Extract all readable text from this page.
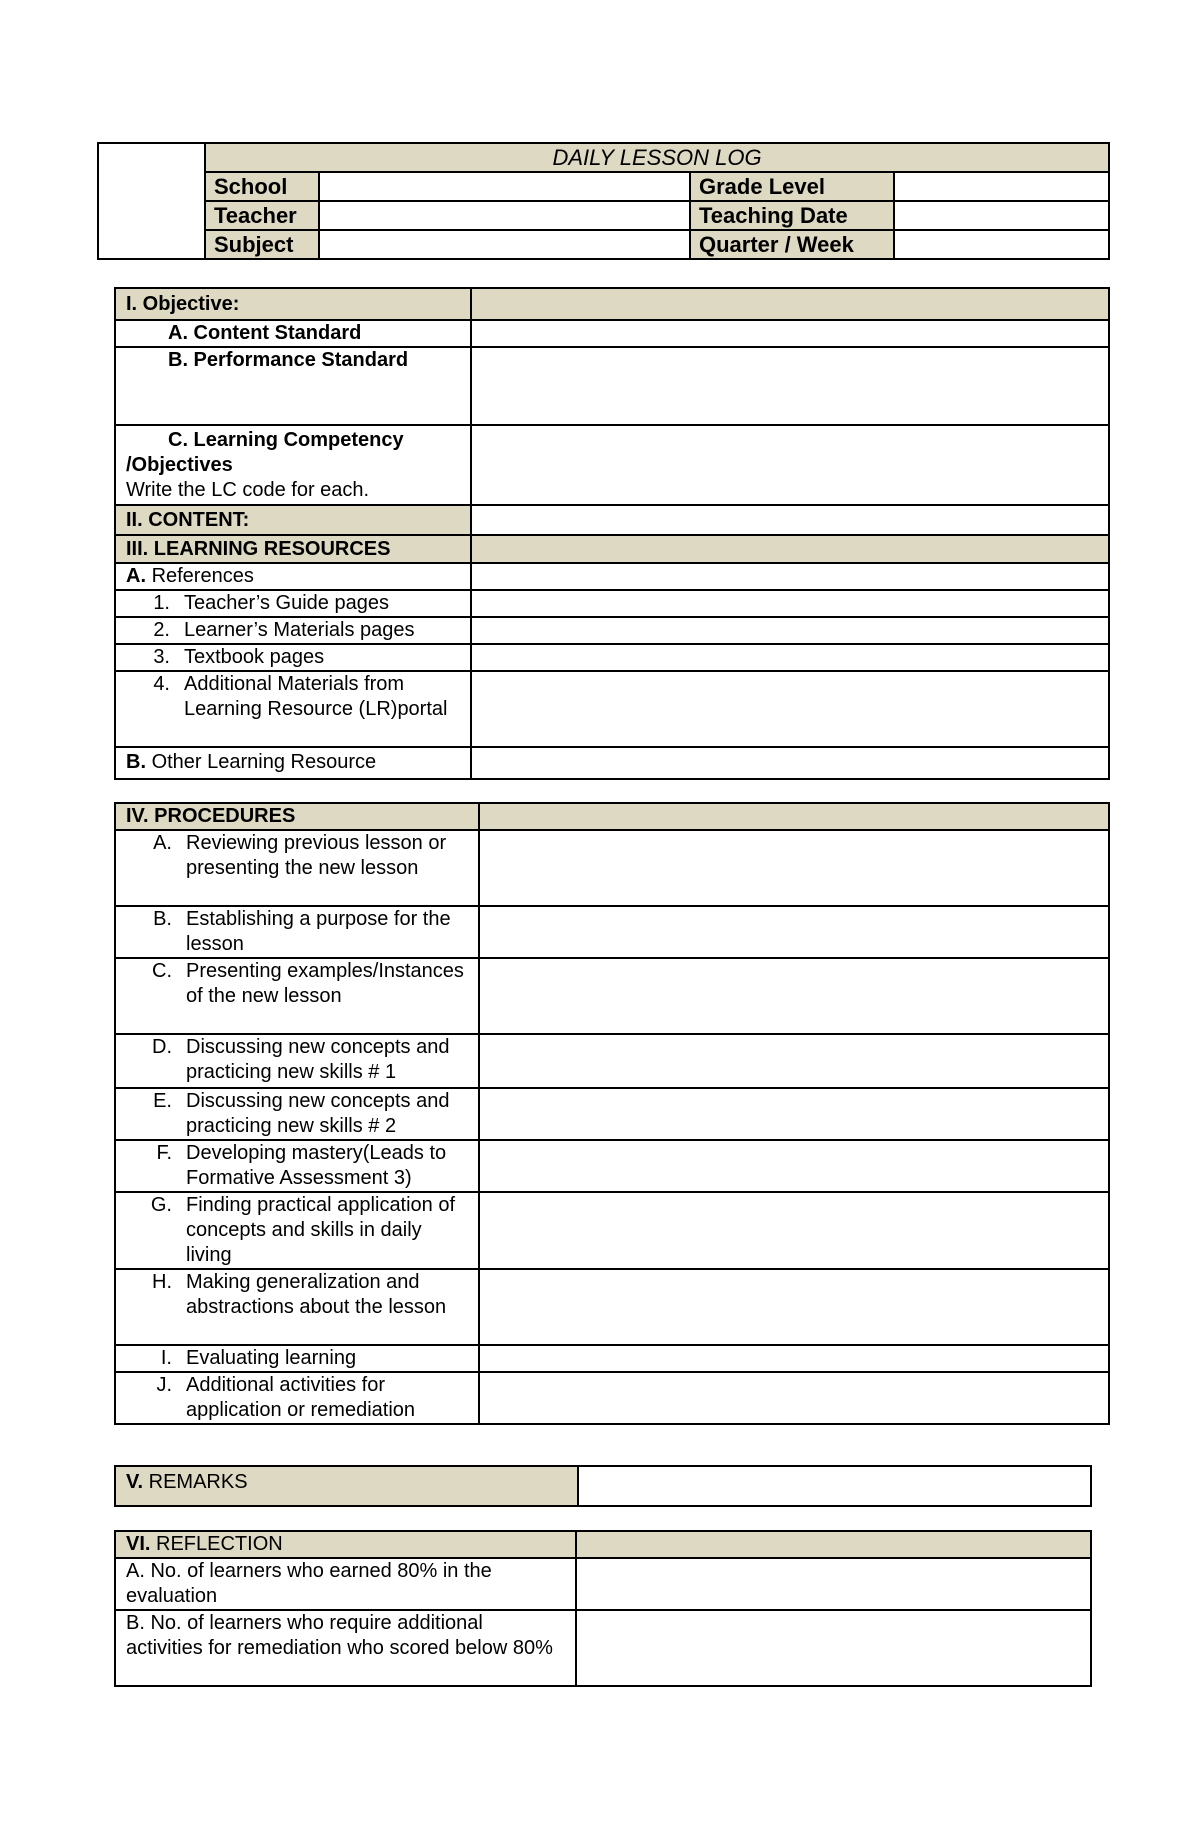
	DAILY LESSON LOG			
	School		Grade Level	
	Teacher		Teaching Date	
	Subject		Quarter / Week	
I. Objective:	
A. Content Standard	
B. Performance Standard	

C. Learning Competency
/Objectives
Write the LC code for each.	

II. CONTENT:	
III. LEARNING RESOURCES	
A. References	

1. Teacher’s Guide pages	

2. Learner’s Materials pages	

3. Textbook pages	

4. Additional Materials from Learning Resource (LR)portal	

B. Other Learning Resource	
IV. PROCEDURES	

A. Reviewing previous lesson or presenting the new lesson	

B. Establishing a purpose for the lesson	

C. Presenting examples/Instances of the new lesson	

D. Discussing new concepts and practicing new skills # 1	

E. Discussing new concepts and practicing new skills # 2	

F. Developing mastery(Leads to Formative Assessment 3)	

G. Finding practical application of concepts and skills in daily living	

H. Making generalization and abstractions about the lesson	

I. Evaluating learning	

J. Additional activities for application or remediation	

V. REMARKS	
VI. REFLECTION	
A. No. of learners who earned 80% in the evaluation	
B. No. of learners who require additional activities for remediation who scored below 80%	
